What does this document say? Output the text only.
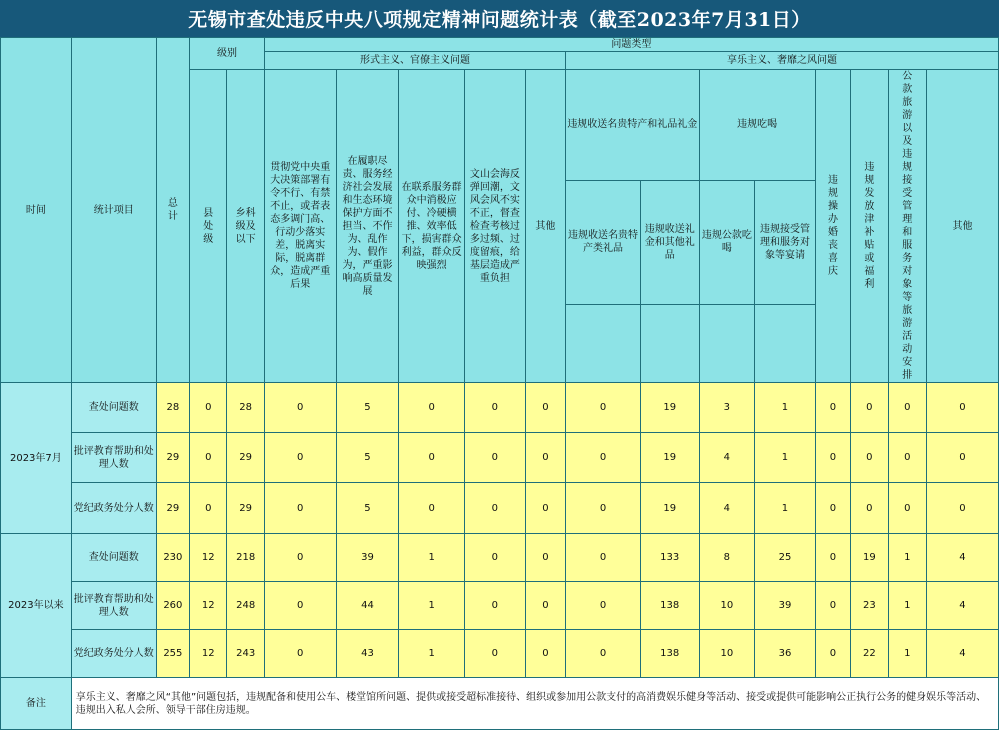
无锡市查处违反中央八项规定精神问题统计表（截至2023年7月31日）
时间	统计项目	总 计	级别		问题类型												
					形式主义、官僚主义问题					享乐主义、奢靡之风问题							
			县 处级	乡科级及以下	贯彻党中央重大决策部署有令不行、有禁不止，或者表态多调门高、行动少落实差，脱离实际，脱离群众，造成严重后果	在履职尽责、服务经济社会发展和生态环境保护方面不担当、不作为、乱作为、假作为，严重影响高质量发展	在联系服务群众中消极应付、冷硬横推、效率低下，损害群众利益，群众反映强烈	文山会海反弹回潮，文风会风不实不正，督查检查考核过多过频、过度留痕，给基层造成严重负担	其他	违规收送名贵特产和礼品礼金		违规吃喝		违规操办婚丧喜庆	违规发放津补贴或福利	公款旅游以及违规接受管理和服务对象等旅游活动安排	其他
										违规收送名贵特产类礼品	违规收送礼金和其他礼品	违规公款吃喝	违规接受管理和服务对象等宴请				

2023年7月	查处问题数	28	0	28	0	5	0	0	0	0	19	3	1	0	0	0	0
	批评教育帮助和处理人数	29	0	29	0	5	0	0	0	0	19	4	1	0	0	0	0
	党纪政务处分人数	29	0	29	0	5	0	0	0	0	19	4	1	0	0	0	0
2023年以来	查处问题数	230	12	218	0	39	1	0	0	0	133	8	25	0	19	1	4
	批评教育帮助和处理人数	260	12	248	0	44	1	0	0	0	138	10	39	0	23	1	4
	党纪政务处分人数	255	12	243	0	43	1	0	0	0	138	10	36	0	22	1	4
备注	享乐主义、奢靡之风“其他”问题包括，违规配备和使用公车、楼堂馆所问题、提供或接受超标准接待、组织或参加用公款支付的高消费娱乐健身等活动、接受或提供可能影响公正执行公务的健身娱乐等活动、违规出入私人会所、领导干部住房违规。																
